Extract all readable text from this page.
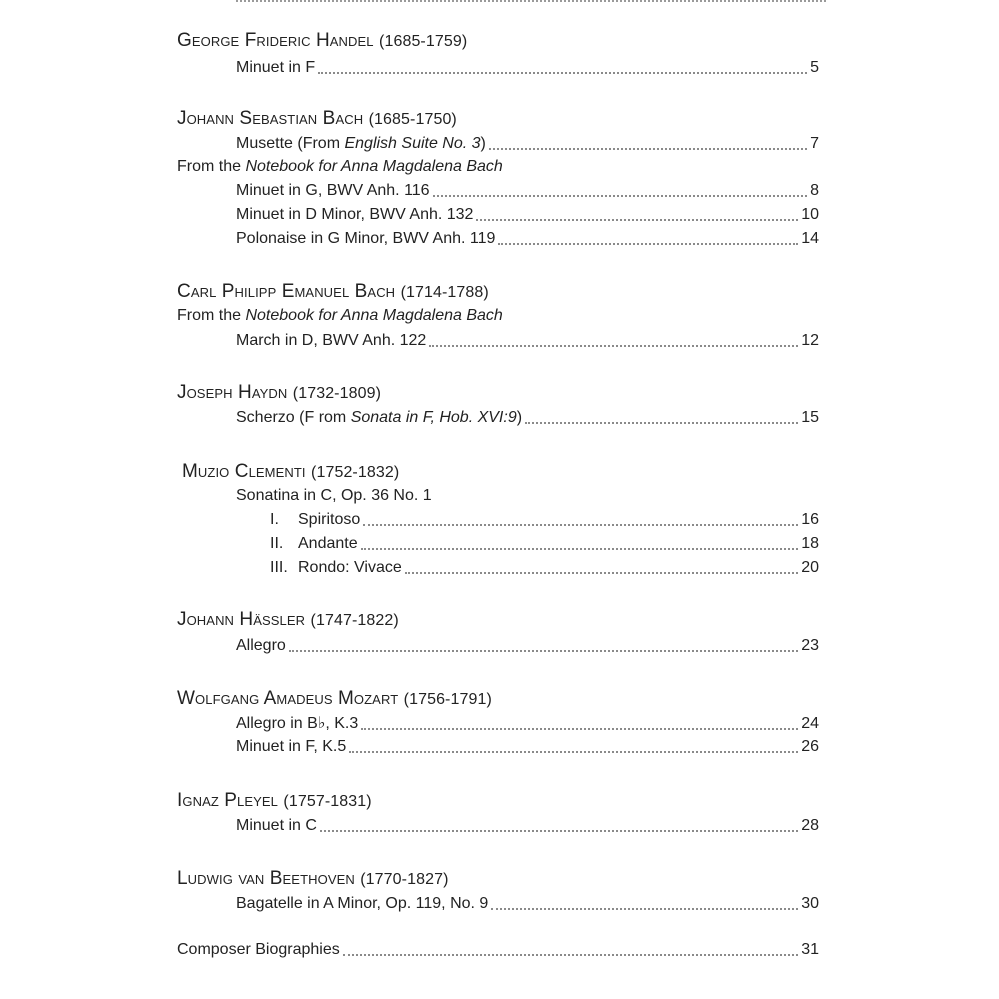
George Frideric Handel (1685-1759)
Minuet in F	5
Johann Sebastian Bach (1685-1750)
Musette (From English Suite No. 3)	7
From the Notebook for Anna Magdalena Bach
Minuet in G, BWV Anh. 116	8
Minuet in D Minor, BWV Anh. 132	10
Polonaise in G Minor, BWV Anh. 119	14
Carl Philipp Emanuel Bach (1714-1788)
From the Notebook for Anna Magdalena Bach
March in D, BWV Anh. 122	12
Joseph Haydn (1732-1809)
Scherzo (F rom Sonata in F, Hob. XVI:9)	15
Muzio Clementi (1752-1832)
Sonatina in C, Op. 36 No. 1
I. Spiritoso	16
II. Andante	18
III. Rondo: Vivace	20
Johann Hässler (1747-1822)
Allegro	23
Wolfgang Amadeus Mozart (1756-1791)
Allegro in B♭, K.3	24
Minuet in F, K.5	26
Ignaz Pleyel (1757-1831)
Minuet in C	28
Ludwig van Beethoven (1770-1827)
Bagatelle in A Minor, Op. 119, No. 9	30
Composer Biographies	31
